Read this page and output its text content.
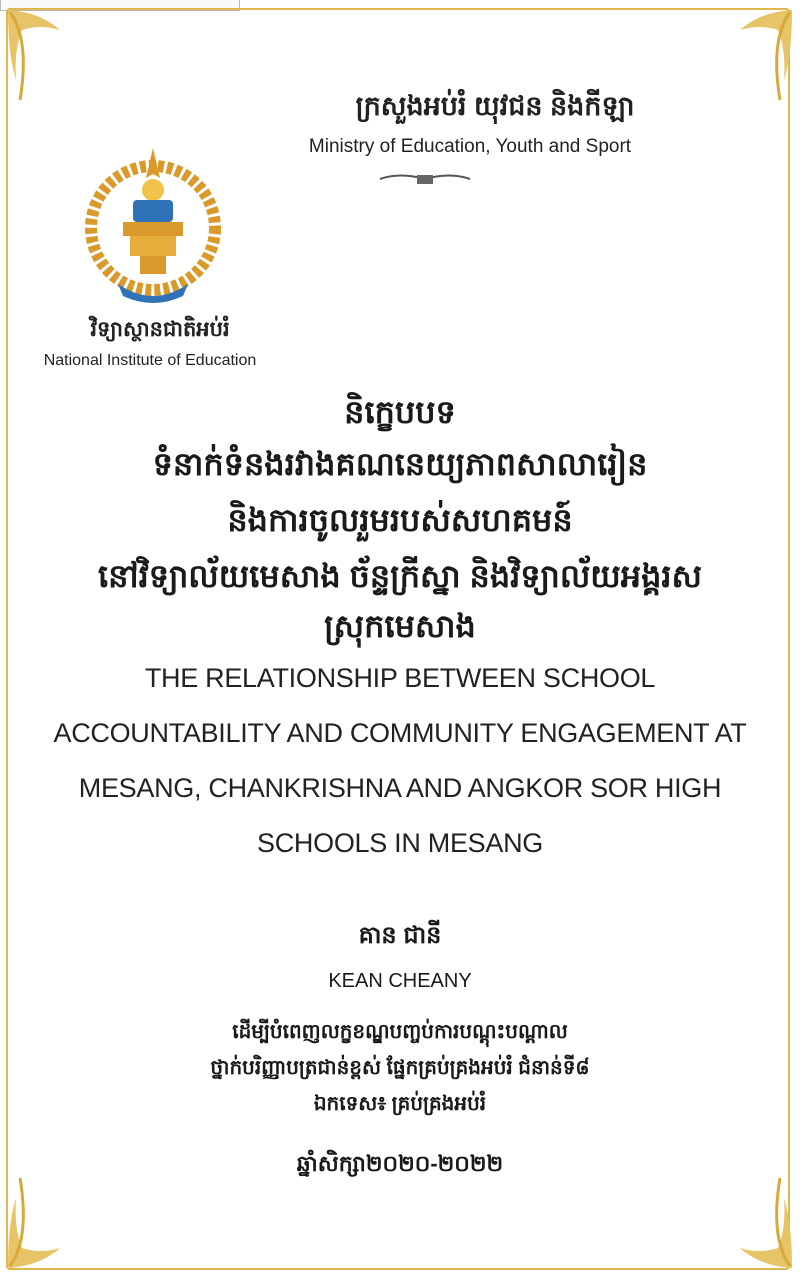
ក្រសួងអប់រំ យុវជន និងកីឡា
Ministry of Education, Youth and Sport
វិទ្យាស្ថានជាតិអប់រំ
National Institute of Education
និក្ខេបបទ
ទំនាក់ទំនងរវាងគណនេយ្យភាពសាលារៀន
និងការចូលរួមរបស់សហគមន៍
នៅវិទ្យាល័យមេសាង ច័ន្ទក្រីស្នា និងវិទ្យាល័យអង្គរស
ស្រុកមេសាង
THE RELATIONSHIP BETWEEN SCHOOL
ACCOUNTABILITY AND COMMUNITY ENGAGEMENT AT
MESANG, CHANKRISHNA AND ANGKOR SOR HIGH
SCHOOLS IN MESANG
គាន ជានី
KEAN CHEANY
ដើម្បីបំពេញលក្ខខណ្ឌបញ្ចប់ការបណ្តុះបណ្តាល
ថ្នាក់បរិញ្ញាបត្រជាន់ខ្ពស់ ផ្នែកគ្រប់គ្រងអប់រំ ជំនាន់ទី៨
ឯកទេស៖ គ្រប់គ្រងអប់រំ
ឆ្នាំសិក្សា២០២០-២០២២
